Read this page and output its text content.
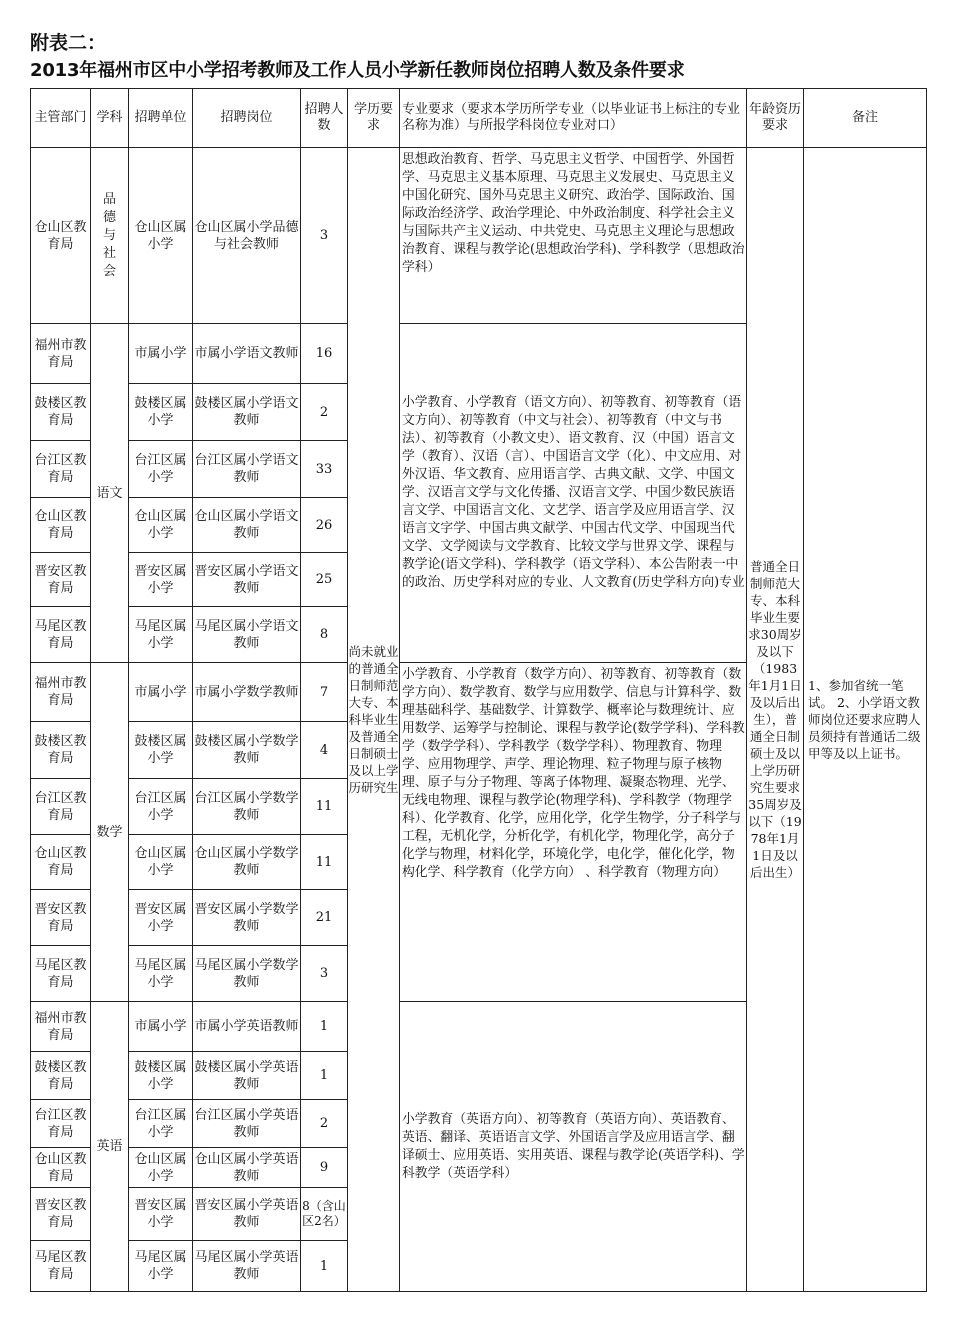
附表二：
2013年福州市区中小学招考教师及工作人员小学新任教师岗位招聘人数及条件要求
主管部门	学科	招聘单位	招聘岗位	招聘人数	学历要求	专业要求（要求本学历所学专业（以毕业证书上标注的专业名称为准）与所报学科岗位专业对口）	年龄资历要求	备注
仓山区教育局	品德与社会	仓山区属小学	仓山区属小学品德与社会教师	3	尚未就业的普通全日制师范大专、本科毕业生及普通全日制硕士及以上学历研究生	思想政治教育、哲学、马克思主义哲学、中国哲学、外国哲学、马克思主义基本原理、马克思主义发展史、马克思主义中国化研究、国外马克思主义研究、政治学、国际政治、国际政治经济学、政治学理论、中外政治制度、科学社会主义与国际共产主义运动、中共党史、马克思主义理论与思想政治教育、课程与教学论(思想政治学科)、学科教学（思想政治学科）	普通全日制师范大专、本科毕业生要求30周岁及以下（1983年1月1日及以后出生），普通全日制硕士及以上学历研究生要求35周岁及以下（1978年1月1日及以后出生）	1、参加省统一笔试。 2、小学语文教师岗位还要求应聘人员须持有普通话二级甲等及以上证书。
福州市教育局	语文	市属小学	市属小学语文教师	16		小学教育、小学教育（语文方向）、初等教育、初等教育（语文方向）、初等教育（中文与社会）、初等教育（中文与书法）、初等教育（小教文史）、语文教育、汉（中国）语言文学（教育）、汉语（言）、中国语言文学（化）、中文应用、对外汉语、华文教育、应用语言学、古典文献、文学、中国文学、汉语言文学与文化传播、汉语言文学、中国少数民族语言文学、中国语言文化、文艺学、语言学及应用语言学、汉语言文字学、中国古典文献学、中国古代文学、中国现当代文学、文学阅读与文学教育、比较文学与世界文学、课程与教学论(语文学科)、学科教学（语文学科）、本公告附表一中的政治、历史学科对应的专业、人文教育(历史学科方向)专业		
鼓楼区教育局		鼓楼区属小学	鼓楼区属小学语文教师	2				
台江区教育局		台江区属小学	台江区属小学语文教师	33				
仓山区教育局		仓山区属小学	仓山区属小学语文教师	26				
晋安区教育局		晋安区属小学	晋安区属小学语文教师	25				
马尾区教育局		马尾区属小学	马尾区属小学语文教师	8				
福州市教育局	数学	市属小学	市属小学数学教师	7		小学教育、小学教育（数学方向）、初等教育、初等教育（数学方向）、数学教育、数学与应用数学、信息与计算科学、数理基础科学、基础数学、计算数学、概率论与数理统计、应用数学、运筹学与控制论、课程与教学论(数学学科)、学科教学（数学学科）、学科教学（数学学科）、物理教育、物理学、应用物理学、声学、理论物理、粒子物理与原子核物理、原子与分子物理、等离子体物理、凝聚态物理、光学、无线电物理、课程与教学论(物理学科)、学科教学（物理学科）、化学教育、化学，应用化学，化学生物学，分子科学与工程，无机化学，分析化学，有机化学，物理化学，高分子化学与物理，材料化学，环境化学，电化学，催化化学，物构化学、科学教育（化学方向） 、科学教育（物理方向）		
鼓楼区教育局		鼓楼区属小学	鼓楼区属小学数学教师	4				
台江区教育局		台江区属小学	台江区属小学数学教师	11				
仓山区教育局		仓山区属小学	仓山区属小学数学教师	11				
晋安区教育局		晋安区属小学	晋安区属小学数学教师	21				
马尾区教育局		马尾区属小学	马尾区属小学数学教师	3				
福州市教育局	英语	市属小学	市属小学英语教师	1		小学教育（英语方向）、初等教育（英语方向）、英语教育、英语、翻译、英语语言文学、外国语言学及应用语言学、翻译硕士、应用英语、实用英语、课程与教学论(英语学科)、学科教学（英语学科）		
鼓楼区教育局		鼓楼区属小学	鼓楼区属小学英语教师	1				
台江区教育局		台江区属小学	台江区属小学英语教师	2				
仓山区教育局		仓山区属小学	仓山区属小学英语教师	9				
晋安区教育局		晋安区属小学	晋安区属小学英语教师	8（含山区2名）				
马尾区教育局		马尾区属小学	马尾区属小学英语教师	1				
